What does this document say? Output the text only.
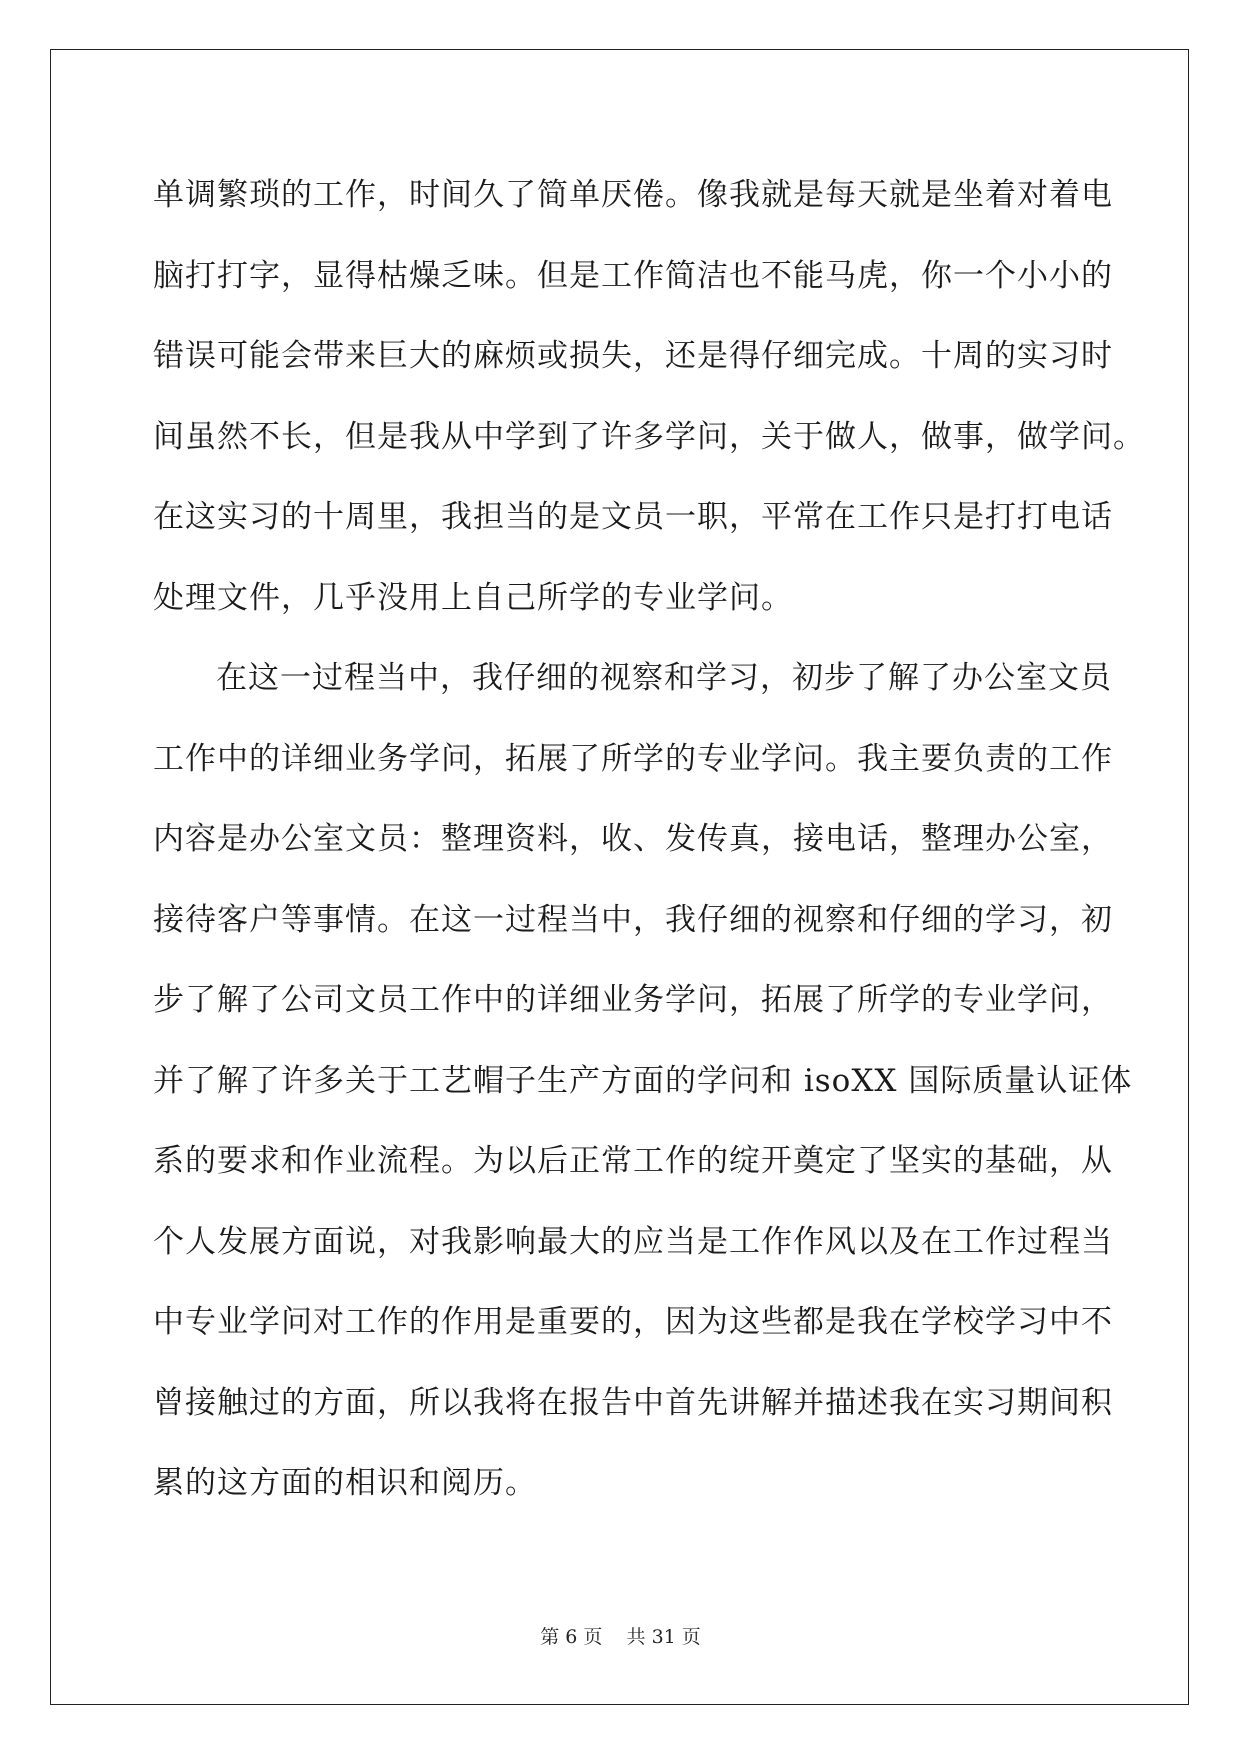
单调繁琐的工作，时间久了简单厌倦。像我就是每天就是坐着对着电
脑打打字，显得枯燥乏味。但是工作简洁也不能马虎，你一个小小的
错误可能会带来巨大的麻烦或损失，还是得仔细完成。十周的实习时
间虽然不长，但是我从中学到了许多学问，关于做人，做事，做学问。
在这实习的十周里，我担当的是文员一职，平常在工作只是打打电话
处理文件，几乎没用上自己所学的专业学问。
在这一过程当中，我仔细的视察和学习，初步了解了办公室文员
工作中的详细业务学问，拓展了所学的专业学问。我主要负责的工作
内容是办公室文员：整理资料，收、发传真，接电话，整理办公室，
接待客户等事情。在这一过程当中，我仔细的视察和仔细的学习，初
步了解了公司文员工作中的详细业务学问，拓展了所学的专业学问，
并了解了许多关于工艺帽子生产方面的学问和 isoXX 国际质量认证体
系的要求和作业流程。为以后正常工作的绽开奠定了坚实的基础，从
个人发展方面说，对我影响最大的应当是工作作风以及在工作过程当
中专业学问对工作的作用是重要的，因为这些都是我在学校学习中不
曾接触过的方面，所以我将在报告中首先讲解并描述我在实习期间积
累的这方面的相识和阅历。
第 6 页    共 31 页
